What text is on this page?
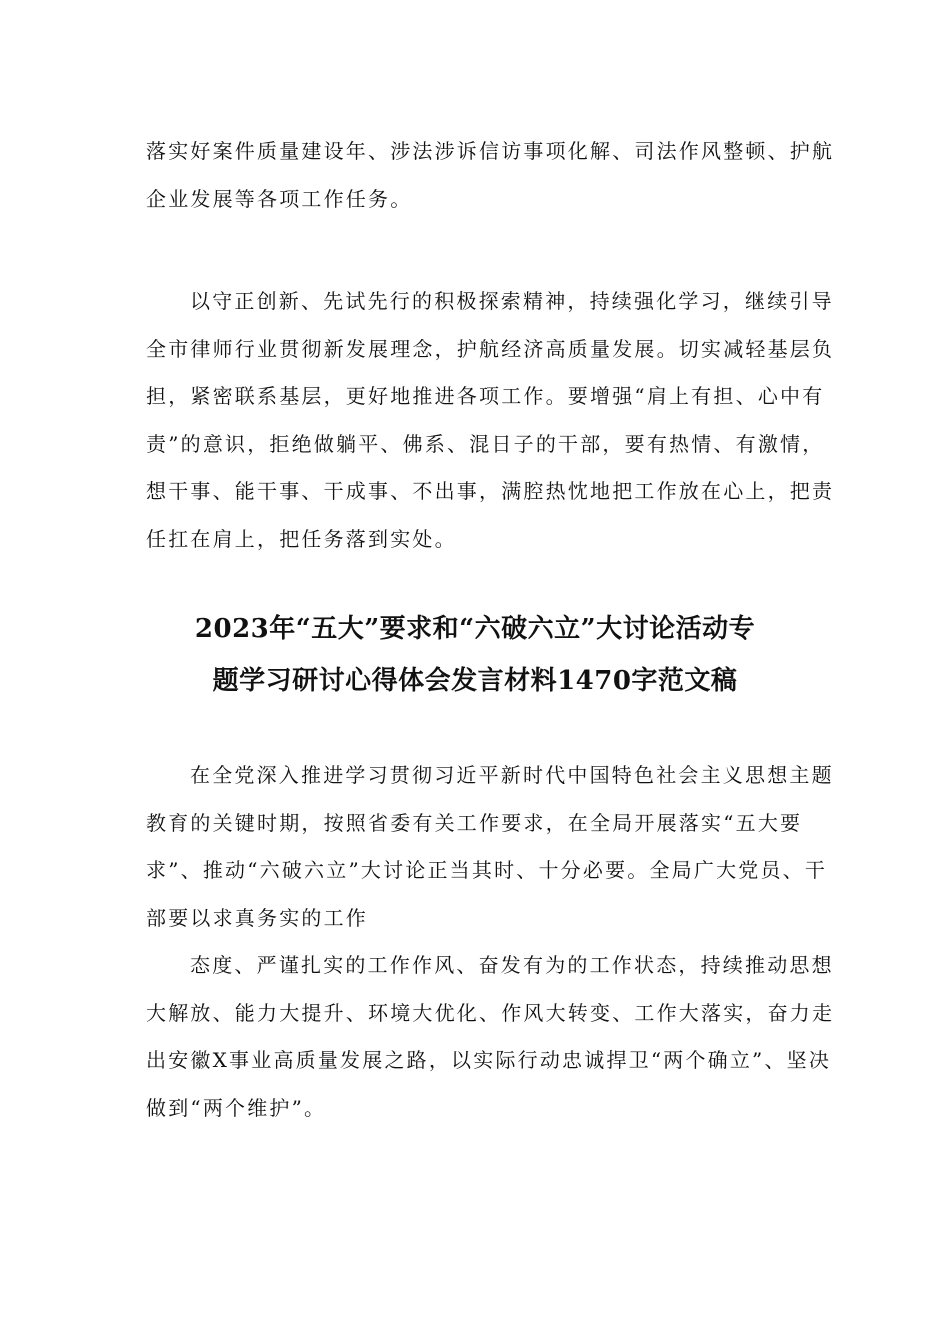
落实好案件质量建设年、涉法涉诉信访事项化解、司法作风整顿、护航企业发展等各项工作任务。

以守正创新、先试先行的积极探索精神，持续强化学习，继续引导全市律师行业贯彻新发展理念，护航经济高质量发展。切实减轻基层负担，紧密联系基层，更好地推进各项工作。要增强“肩上有担、心中有责”的意识，拒绝做躺平、佛系、混日子的干部，要有热情、有激情，想干事、能干事、干成事、不出事，满腔热忱地把工作放在心上，把责任扛在肩上，把任务落到实处。

2023年“五大”要求和“六破六立”大讨论活动专
题学习研讨心得体会发言材料1470字范文稿

在全党深入推进学习贯彻习近平新时代中国特色社会主义思想主题教育的关键时期，按照省委有关工作要求，在全局开展落实“五大要求”、推动“六破六立”大讨论正当其时、十分必要。全局广大党员、干部要以求真务实的工作

态度、严谨扎实的工作作风、奋发有为的工作状态，持续推动思想大解放、能力大提升、环境大优化、作风大转变、工作大落实，奋力走出安徽X事业高质量发展之路，以实际行动忠诚捍卫“两个确立”、坚决做到“两个维护”。
